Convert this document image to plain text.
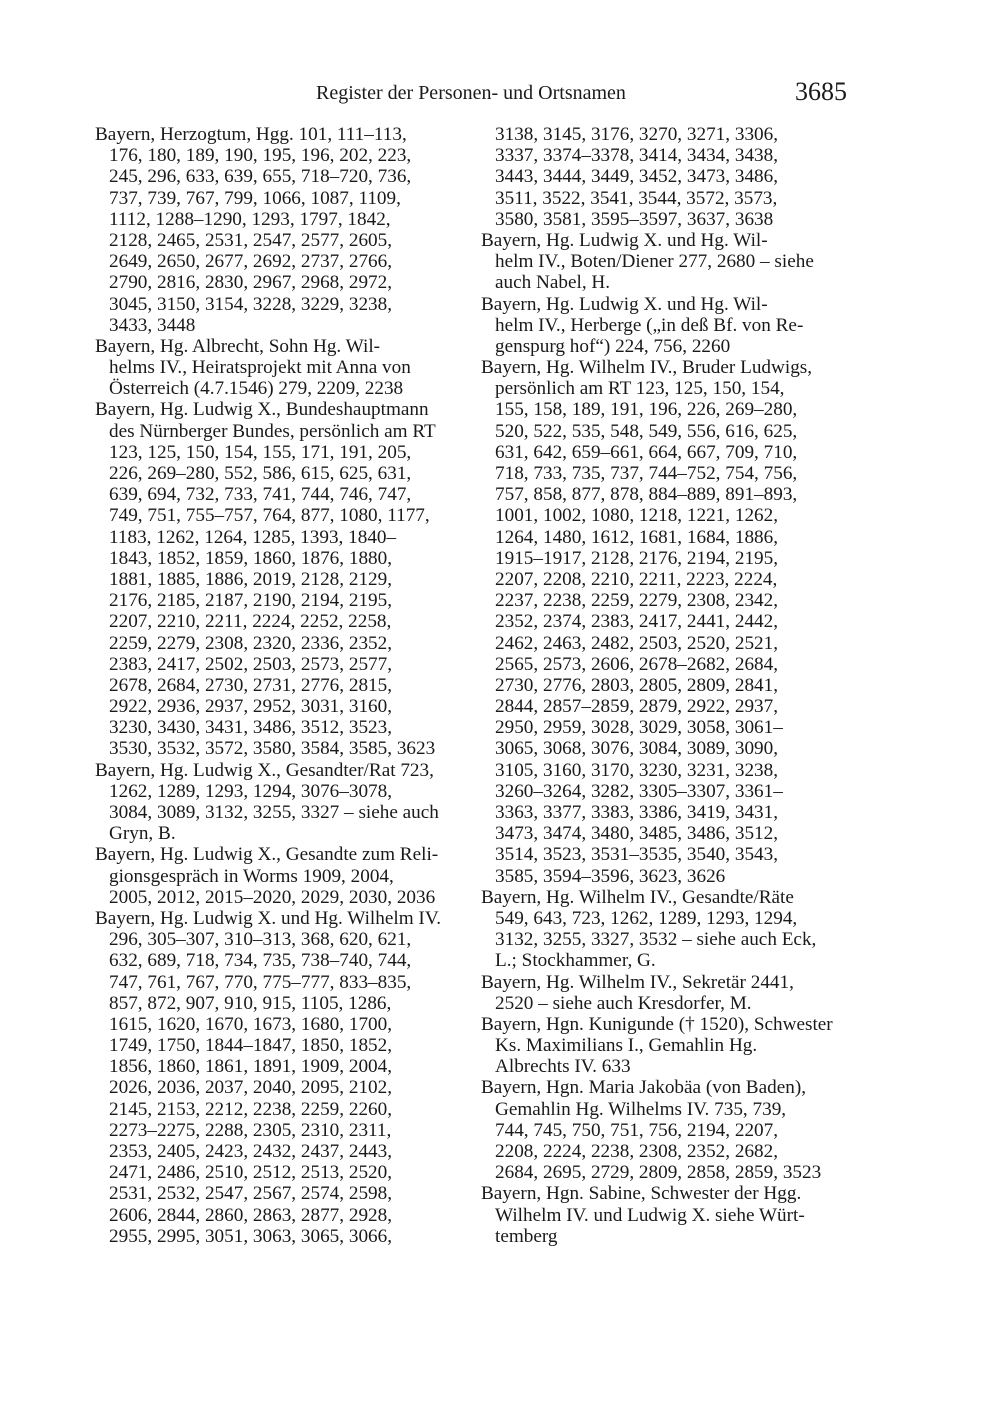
Register der Personen- und Ortsnamen	3685
Bayern, Herzogtum, Hgg. 101, 111–113,
176, 180, 189, 190, 195, 196, 202, 223,
245, 296, 633, 639, 655, 718–720, 736,
737, 739, 767, 799, 1066, 1087, 1109,
1112, 1288–1290, 1293, 1797, 1842,
2128, 2465, 2531, 2547, 2577, 2605,
2649, 2650, 2677, 2692, 2737, 2766,
2790, 2816, 2830, 2967, 2968, 2972,
3045, 3150, 3154, 3228, 3229, 3238,
3433, 3448
Bayern, Hg. Albrecht, Sohn Hg. Wil-
helms IV., Heiratsprojekt mit Anna von
Österreich (4.7.1546) 279, 2209, 2238
Bayern, Hg. Ludwig X., Bundeshauptmann
des Nürnberger Bundes, persönlich am RT
123, 125, 150, 154, 155, 171, 191, 205,
226, 269–280, 552, 586, 615, 625, 631,
639, 694, 732, 733, 741, 744, 746, 747,
749, 751, 755–757, 764, 877, 1080, 1177,
1183, 1262, 1264, 1285, 1393, 1840–
1843, 1852, 1859, 1860, 1876, 1880,
1881, 1885, 1886, 2019, 2128, 2129,
2176, 2185, 2187, 2190, 2194, 2195,
2207, 2210, 2211, 2224, 2252, 2258,
2259, 2279, 2308, 2320, 2336, 2352,
2383, 2417, 2502, 2503, 2573, 2577,
2678, 2684, 2730, 2731, 2776, 2815,
2922, 2936, 2937, 2952, 3031, 3160,
3230, 3430, 3431, 3486, 3512, 3523,
3530, 3532, 3572, 3580, 3584, 3585, 3623
Bayern, Hg. Ludwig X., Gesandter/Rat 723,
1262, 1289, 1293, 1294, 3076–3078,
3084, 3089, 3132, 3255, 3327 – siehe auch
Gryn, B.
Bayern, Hg. Ludwig X., Gesandte zum Reli-
gionsgespräch in Worms 1909, 2004,
2005, 2012, 2015–2020, 2029, 2030, 2036
Bayern, Hg. Ludwig X. und Hg. Wilhelm IV.
296, 305–307, 310–313, 368, 620, 621,
632, 689, 718, 734, 735, 738–740, 744,
747, 761, 767, 770, 775–777, 833–835,
857, 872, 907, 910, 915, 1105, 1286,
1615, 1620, 1670, 1673, 1680, 1700,
1749, 1750, 1844–1847, 1850, 1852,
1856, 1860, 1861, 1891, 1909, 2004,
2026, 2036, 2037, 2040, 2095, 2102,
2145, 2153, 2212, 2238, 2259, 2260,
2273–2275, 2288, 2305, 2310, 2311,
2353, 2405, 2423, 2432, 2437, 2443,
2471, 2486, 2510, 2512, 2513, 2520,
2531, 2532, 2547, 2567, 2574, 2598,
2606, 2844, 2860, 2863, 2877, 2928,
2955, 2995, 3051, 3063, 3065, 3066,
3138, 3145, 3176, 3270, 3271, 3306,
3337, 3374–3378, 3414, 3434, 3438,
3443, 3444, 3449, 3452, 3473, 3486,
3511, 3522, 3541, 3544, 3572, 3573,
3580, 3581, 3595–3597, 3637, 3638
Bayern, Hg. Ludwig X. und Hg. Wil-
helm IV., Boten/Diener 277, 2680 – siehe
auch Nabel, H.
Bayern, Hg. Ludwig X. und Hg. Wil-
helm IV., Herberge („in deß Bf. von Re-
genspurg hof“) 224, 756, 2260
Bayern, Hg. Wilhelm IV., Bruder Ludwigs,
persönlich am RT 123, 125, 150, 154,
155, 158, 189, 191, 196, 226, 269–280,
520, 522, 535, 548, 549, 556, 616, 625,
631, 642, 659–661, 664, 667, 709, 710,
718, 733, 735, 737, 744–752, 754, 756,
757, 858, 877, 878, 884–889, 891–893,
1001, 1002, 1080, 1218, 1221, 1262,
1264, 1480, 1612, 1681, 1684, 1886,
1915–1917, 2128, 2176, 2194, 2195,
2207, 2208, 2210, 2211, 2223, 2224,
2237, 2238, 2259, 2279, 2308, 2342,
2352, 2374, 2383, 2417, 2441, 2442,
2462, 2463, 2482, 2503, 2520, 2521,
2565, 2573, 2606, 2678–2682, 2684,
2730, 2776, 2803, 2805, 2809, 2841,
2844, 2857–2859, 2879, 2922, 2937,
2950, 2959, 3028, 3029, 3058, 3061–
3065, 3068, 3076, 3084, 3089, 3090,
3105, 3160, 3170, 3230, 3231, 3238,
3260–3264, 3282, 3305–3307, 3361–
3363, 3377, 3383, 3386, 3419, 3431,
3473, 3474, 3480, 3485, 3486, 3512,
3514, 3523, 3531–3535, 3540, 3543,
3585, 3594–3596, 3623, 3626
Bayern, Hg. Wilhelm IV., Gesandte/Räte
549, 643, 723, 1262, 1289, 1293, 1294,
3132, 3255, 3327, 3532 – siehe auch Eck,
L.; Stockhammer, G.
Bayern, Hg. Wilhelm IV., Sekretär 2441,
2520 – siehe auch Kresdorfer, M.
Bayern, Hgn. Kunigunde († 1520), Schwester
Ks. Maximilians I., Gemahlin Hg.
Albrechts IV. 633
Bayern, Hgn. Maria Jakobäa (von Baden),
Gemahlin Hg. Wilhelms IV. 735, 739,
744, 745, 750, 751, 756, 2194, 2207,
2208, 2224, 2238, 2308, 2352, 2682,
2684, 2695, 2729, 2809, 2858, 2859, 3523
Bayern, Hgn. Sabine, Schwester der Hgg.
Wilhelm IV. und Ludwig X. siehe Würt-
temberg
